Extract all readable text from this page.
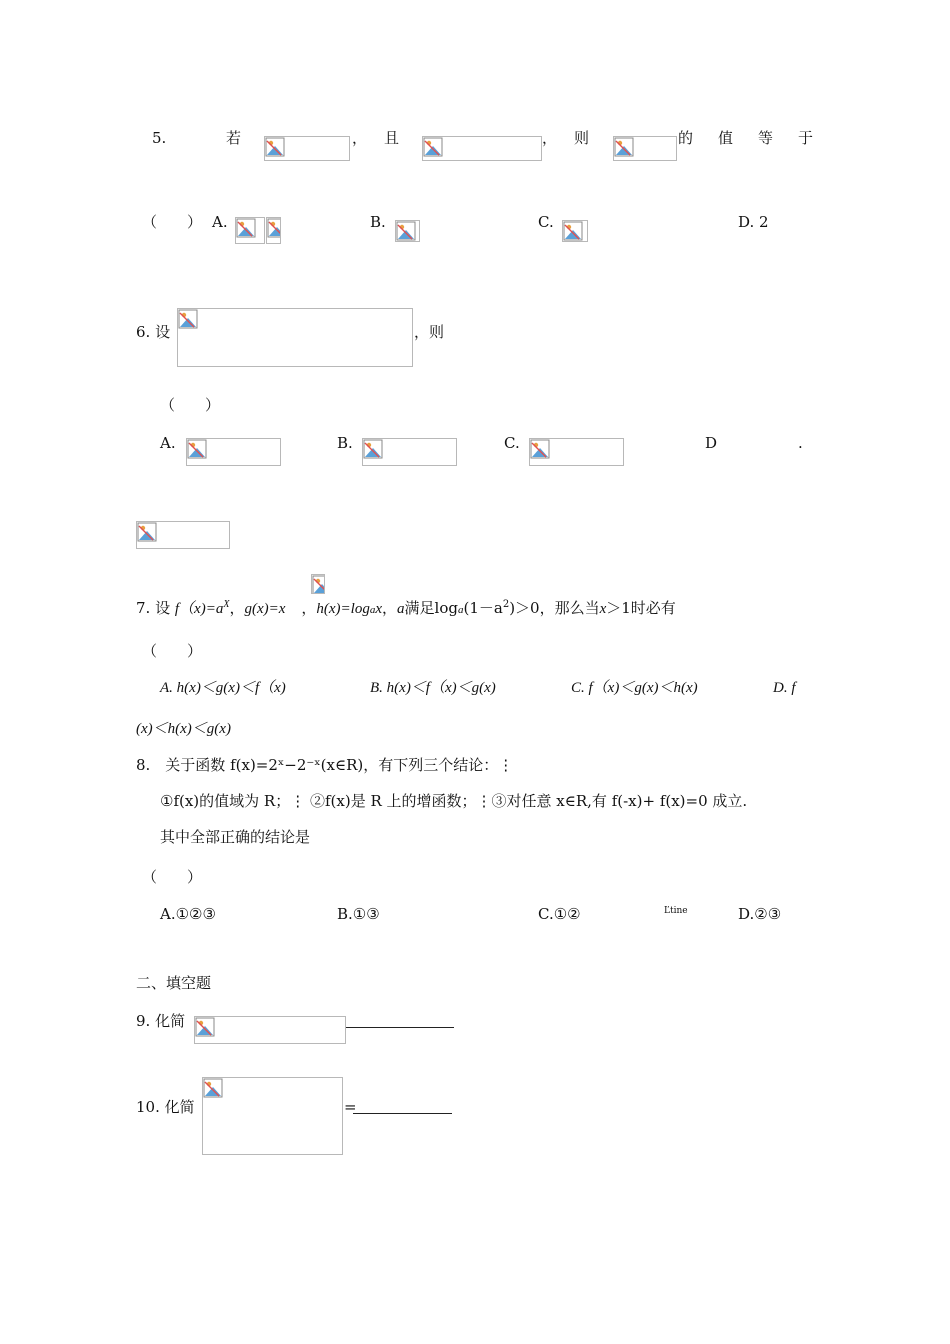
5.	若	， 且	， 则	的 值 等 于
（　　） A.	B.	C.	D. 2
6. 设	，则
（　　）
A.	B.	C.	D	.
7. 设 $f(x)=a^X$，g(x)=x ，h(x)=logax，a满足$\log a(1-a^2)>0$，那么当x＞1时必有
（　　）
A. h(x)＜g(x)＜f（x)	B. h(x)＜f（x)＜g(x)	C. f（x)＜g(x)＜h(x)	D. f
(x)＜h(x)＜g(x)
8.　关于函数 f(x)=2ˣ−2⁻ˣ(x∈R)，有下列三个结论：⋮
①f(x)的值域为 R；⋮ ②f(x)是 R 上的增函数；⋮③对任意 x∈R,有 f(-x)+ f(x)=0 成立.
其中全部正确的结论是
（　　）
A.①②③	B.①③	C.①②	Ľtine	D.②③
二、填空题
9. 化简
10. 化简	=
